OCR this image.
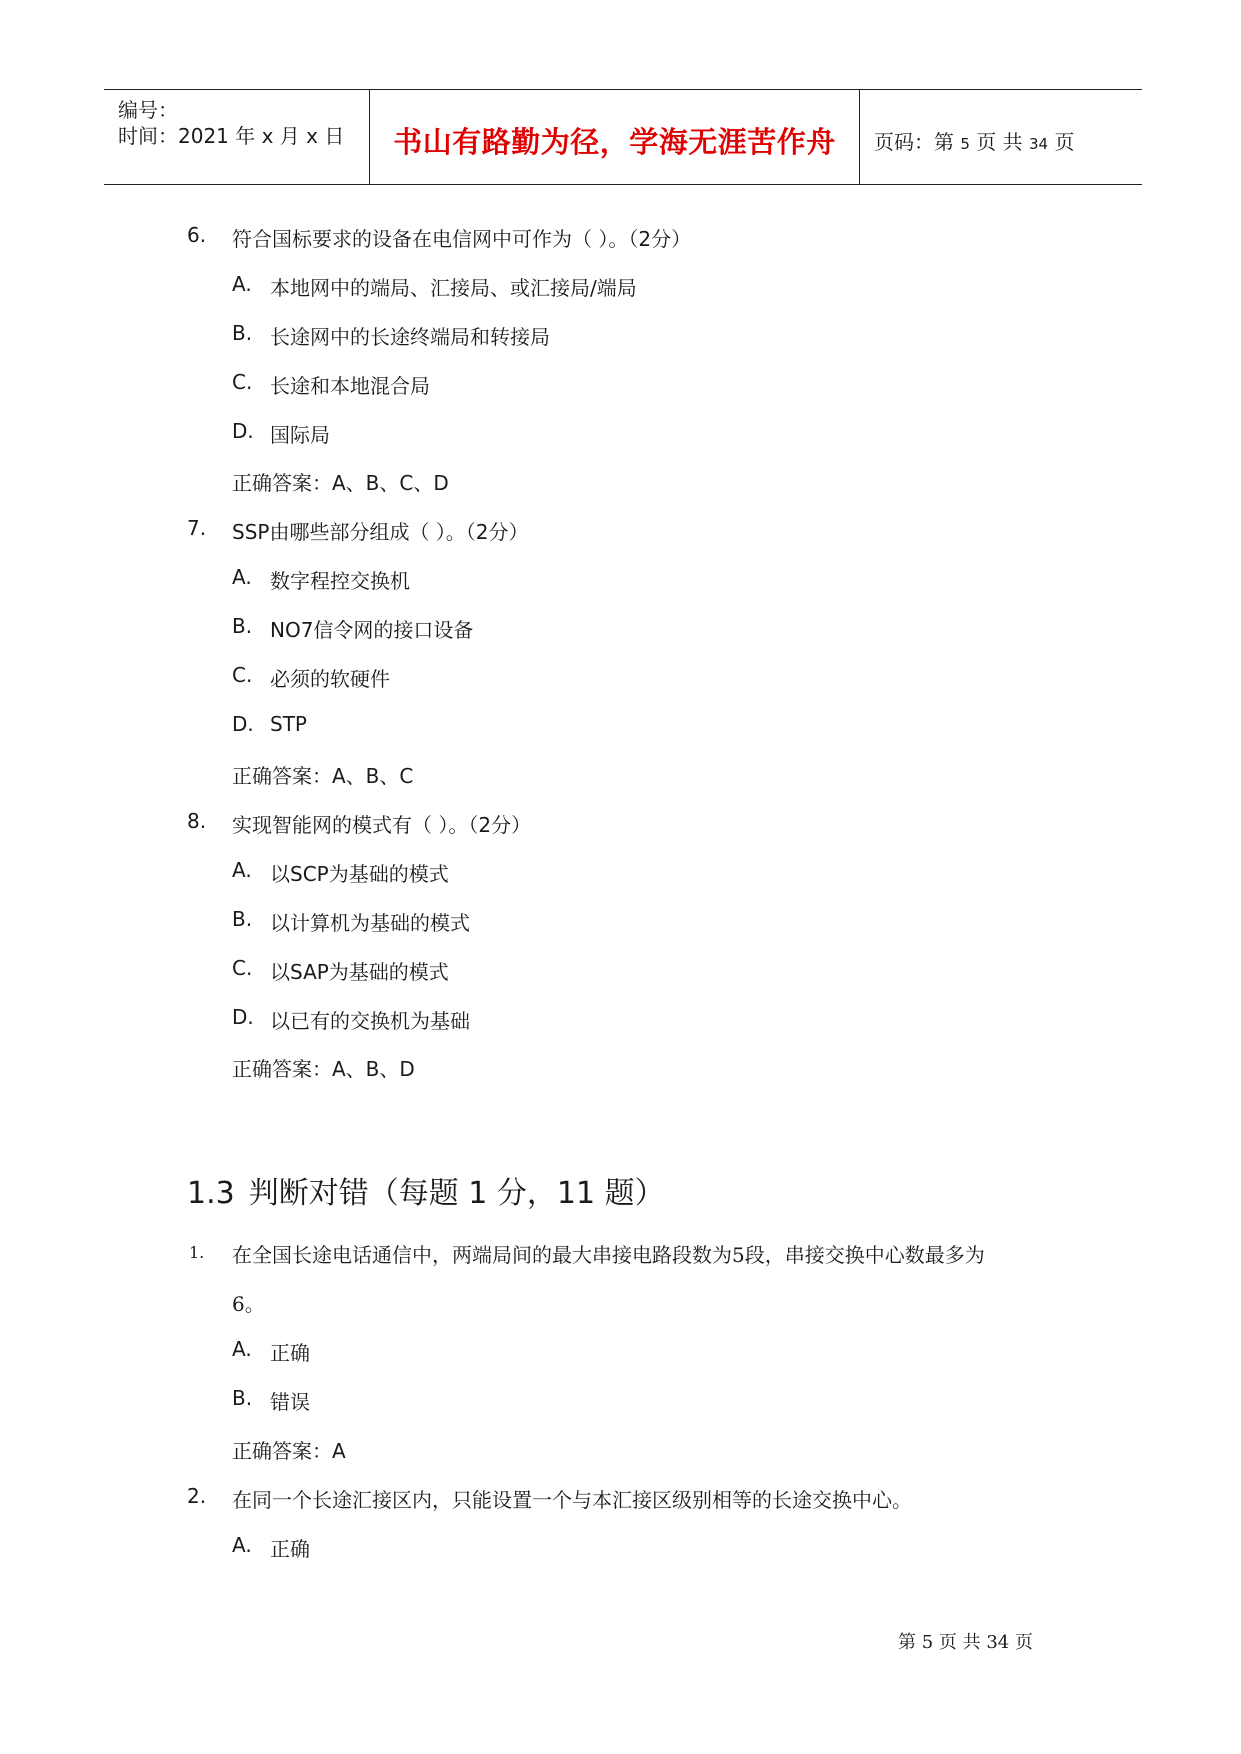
编号：
时间：2021 年 x 月 x 日	书山有路勤为径，学海无涯苦作舟	页码：第 5 页 共 34 页
6. 符合国标要求的设备在电信网中可作为（ ）。（2分）
A. 本地网中的端局、汇接局、或汇接局/端局
B. 长途网中的长途终端局和转接局
C. 长途和本地混合局
D. 国际局
正确答案：A、B、C、D
7. SSP由哪些部分组成（ ）。（2分）
A. 数字程控交换机
B. NO7信令网的接口设备
C. 必须的软硬件
D. STP
正确答案：A、B、C
8. 实现智能网的模式有（ ）。（2分）
A. 以SCP为基础的模式
B. 以计算机为基础的模式
C. 以SAP为基础的模式
D. 以已有的交换机为基础
正确答案：A、B、D
1.3 判断对错（每题 1 分，11 题）
1. 在全国长途电话通信中，两端局间的最大串接电路段数为5段，串接交换中心数最多为
6。
A. 正确
B. 错误
正确答案：A
2. 在同一个长途汇接区内，只能设置一个与本汇接区级别相等的长途交换中心。
A. 正确
第 5 页 共 34 页
